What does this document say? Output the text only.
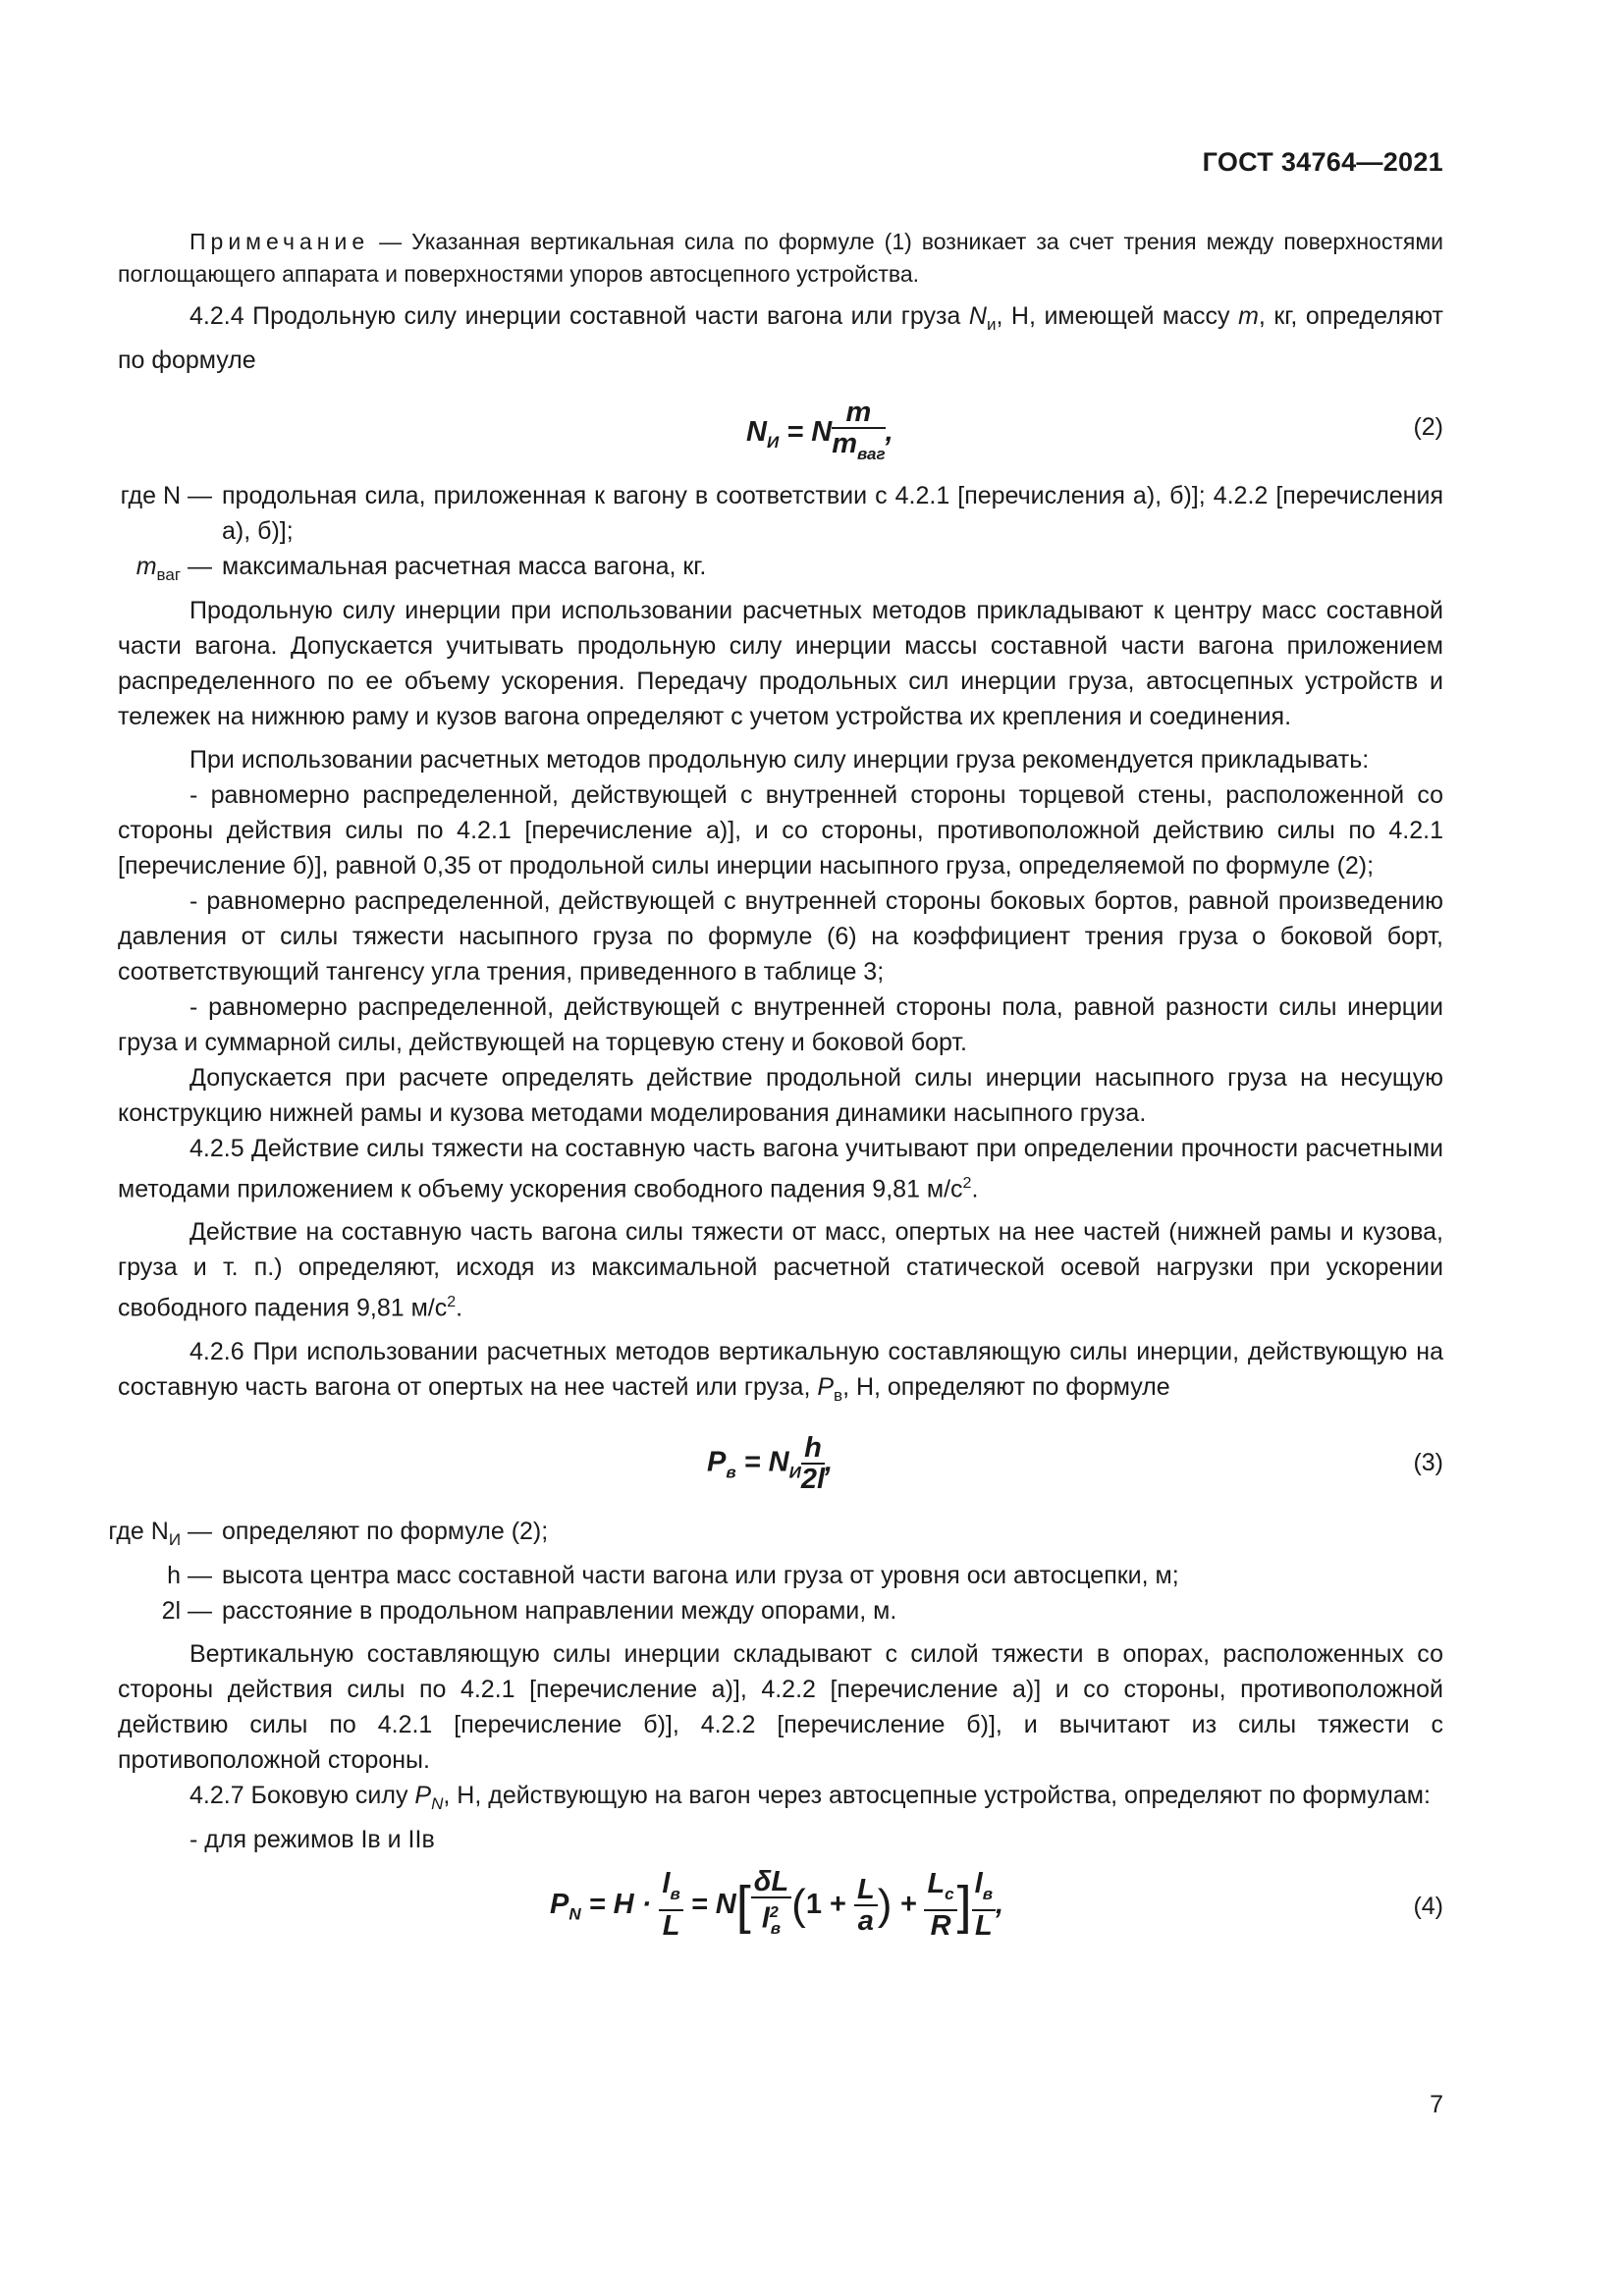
ГОСТ 34764—2021

Примечание — Указанная вертикальная сила по формуле (1) возникает за счет трения между поверхностями поглощающего аппарата и поверхностями упоров автосцепного устройства.

4.2.4 Продольную силу инерции составной части вагона или груза $N_и$, Н, имеющей массу m, кг, определяют по формуле

$N_И = N \frac{m}{m_{ваг}}$ ,	(2)
где N — продольная сила, приложенная к вагону в соответствии с 4.2.1 [перечисления а), б)]; 4.2.2 [перечисления а), б)];
$m_{ваг}$ — максимальная расчетная масса вагона, кг.

Продольную силу инерции при использовании расчетных методов прикладывают к центру масс составной части вагона. Допускается учитывать продольную силу инерции массы составной части вагона приложением распределенного по ее объему ускорения. Передачу продольных сил инерции груза, автосцепных устройств и тележек на нижнюю раму и кузов вагона определяют с учетом устройства их крепления и соединения.

При использовании расчетных методов продольную силу инерции груза рекомендуется прикладывать:

- равномерно распределенной, действующей с внутренней стороны торцевой стены, расположенной со стороны действия силы по 4.2.1 [перечисление а)], и со стороны, противоположной действию силы по 4.2.1 [перечисление б)], равной 0,35 от продольной силы инерции насыпного груза, определяемой по формуле (2);

- равномерно распределенной, действующей с внутренней стороны боковых бортов, равной произведению давления от силы тяжести насыпного груза по формуле (6) на коэффициент трения груза о боковой борт, соответствующий тангенсу угла трения, приведенного в таблице 3;

- равномерно распределенной, действующей с внутренней стороны пола, равной разности силы инерции груза и суммарной силы, действующей на торцевую стену и боковой борт.

Допускается при расчете определять действие продольной силы инерции насыпного груза на несущую конструкцию нижней рамы и кузова методами моделирования динамики насыпного груза.

4.2.5 Действие силы тяжести на составную часть вагона учитывают при определении прочности расчетными методами приложением к объему ускорения свободного падения 9,81 $м/с^2$.

Действие на составную часть вагона силы тяжести от масс, опертых на нее частей (нижней рамы и кузова, груза и т. п.) определяют, исходя из максимальной расчетной статической осевой нагрузки при ускорении свободного падения 9,81 $м/с^2$.

4.2.6 При использовании расчетных методов вертикальную составляющую силы инерции, действующую на составную часть вагона от опертых на нее частей или груза, $P_в$, Н, определяют по формуле

$P_в = N_И \frac{h}{2l}$ ,	(3)
где $N_И$ — определяют по формуле (2);
h — высота центра масс составной части вагона или груза от уровня оси автосцепки, м;
2l — расстояние в продольном направлении между опорами, м.

Вертикальную составляющую силы инерции складывают с силой тяжести в опорах, расположенных со стороны действия силы по 4.2.1 [перечисление а)], 4.2.2 [перечисление а)] и со стороны, противоположной действию силы по 4.2.1 [перечисление б)], 4.2.2 [перечисление б)], и вычитают из силы тяжести с противоположной стороны.

4.2.7 Боковую силу $P_N$, Н, действующую на вагон через автосцепные устройства, определяют по формулам:

- для режимов Iв и IIв

$P_N = H \cdot \frac{l_в}{L} = N[ \frac{\delta L}{l^2_в} (1 + \frac{L}{a}$ ) + $\frac{L_c}{R}$ ] $\frac{l_в}{L}$ ,	(4)
7
